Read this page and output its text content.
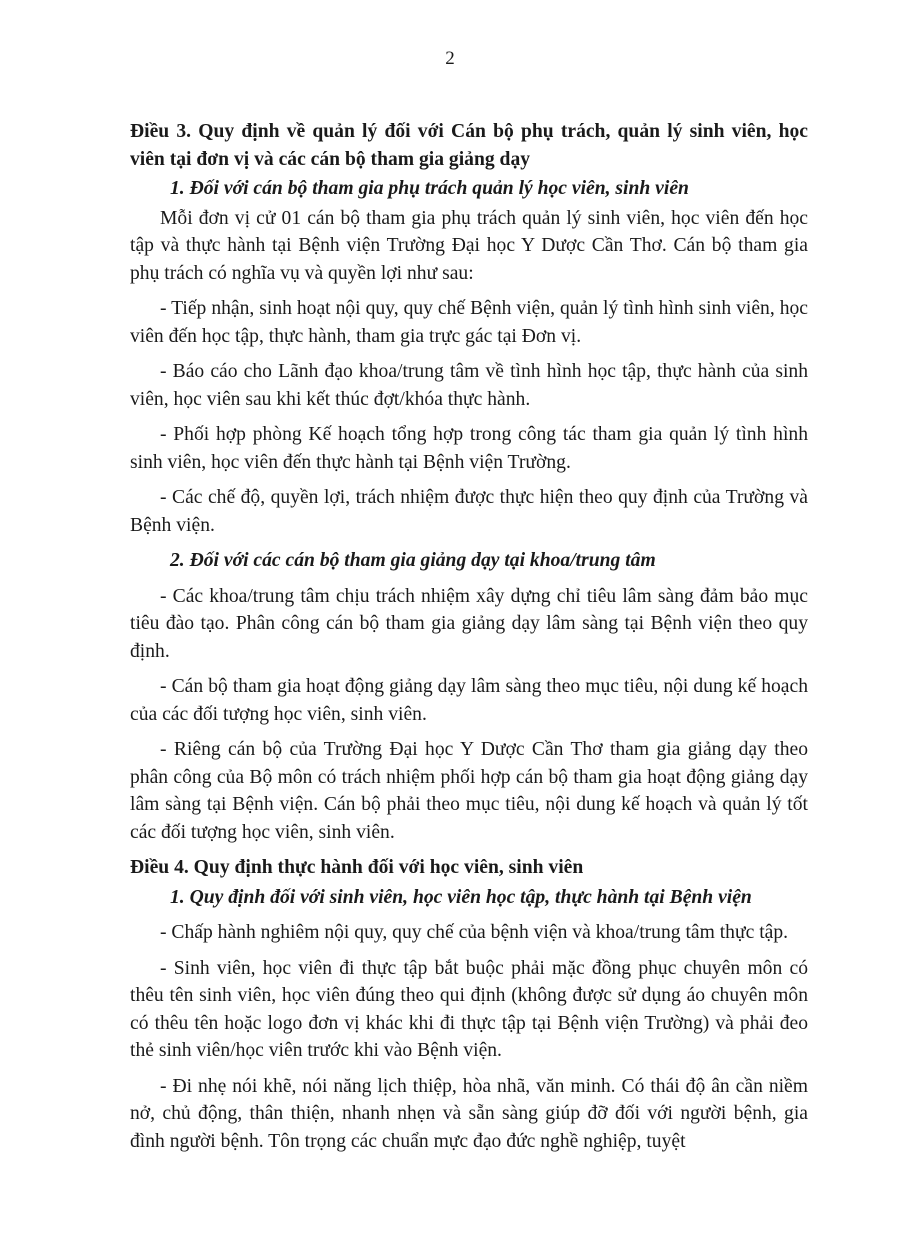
2

Điều 3. Quy định về quản lý đối với Cán bộ phụ trách, quản lý sinh viên, học viên tại đơn vị và các cán bộ tham gia giảng dạy

1. Đối với cán bộ tham gia phụ trách quản lý học viên, sinh viên

Mỗi đơn vị cử 01 cán bộ tham gia phụ trách quản lý sinh viên, học viên đến học tập và thực hành tại Bệnh viện Trường Đại học Y Dược Cần Thơ. Cán bộ tham gia phụ trách có nghĩa vụ và quyền lợi như sau:

- Tiếp nhận, sinh hoạt nội quy, quy chế Bệnh viện, quản lý tình hình sinh viên, học viên đến học tập, thực hành, tham gia trực gác tại Đơn vị.

- Báo cáo cho Lãnh đạo khoa/trung tâm về tình hình học tập, thực hành của sinh viên, học viên sau khi kết thúc đợt/khóa thực hành.

- Phối hợp phòng Kế hoạch tổng hợp trong công tác tham gia quản lý tình hình sinh viên, học viên đến thực hành tại Bệnh viện Trường.

- Các chế độ, quyền lợi, trách nhiệm được thực hiện theo quy định của Trường và Bệnh viện.

2. Đối với các cán bộ tham gia giảng dạy tại khoa/trung tâm

- Các khoa/trung tâm chịu trách nhiệm xây dựng chỉ tiêu lâm sàng đảm bảo mục tiêu đào tạo. Phân công cán bộ tham gia giảng dạy lâm sàng tại Bệnh viện theo quy định.

- Cán bộ tham gia hoạt động giảng dạy lâm sàng theo mục tiêu, nội dung kế hoạch của các đối tượng học viên, sinh viên.

- Riêng cán bộ của Trường Đại học Y Dược Cần Thơ tham gia giảng dạy theo phân công của Bộ môn có trách nhiệm phối hợp cán bộ tham gia hoạt động giảng dạy lâm sàng tại Bệnh viện. Cán bộ phải theo mục tiêu, nội dung kế hoạch và quản lý tốt các đối tượng học viên, sinh viên.

Điều 4. Quy định thực hành đối với học viên, sinh viên

1. Quy định đối với sinh viên, học viên học tập, thực hành tại Bệnh viện

- Chấp hành nghiêm nội quy, quy chế của bệnh viện và khoa/trung tâm thực tập.

- Sinh viên, học viên đi thực tập bắt buộc phải mặc đồng phục chuyên môn có thêu tên sinh viên, học viên đúng theo qui định (không được sử dụng áo chuyên môn có thêu tên hoặc logo đơn vị khác khi đi thực tập tại Bệnh viện Trường) và phải đeo thẻ sinh viên/học viên trước khi vào Bệnh viện.

- Đi nhẹ nói khẽ, nói năng lịch thiệp, hòa nhã, văn minh. Có thái độ ân cần niềm nở, chủ động, thân thiện, nhanh nhẹn và sẵn sàng giúp đỡ đối với người bệnh, gia đình người bệnh. Tôn trọng các chuẩn mực đạo đức nghề nghiệp, tuyệt
